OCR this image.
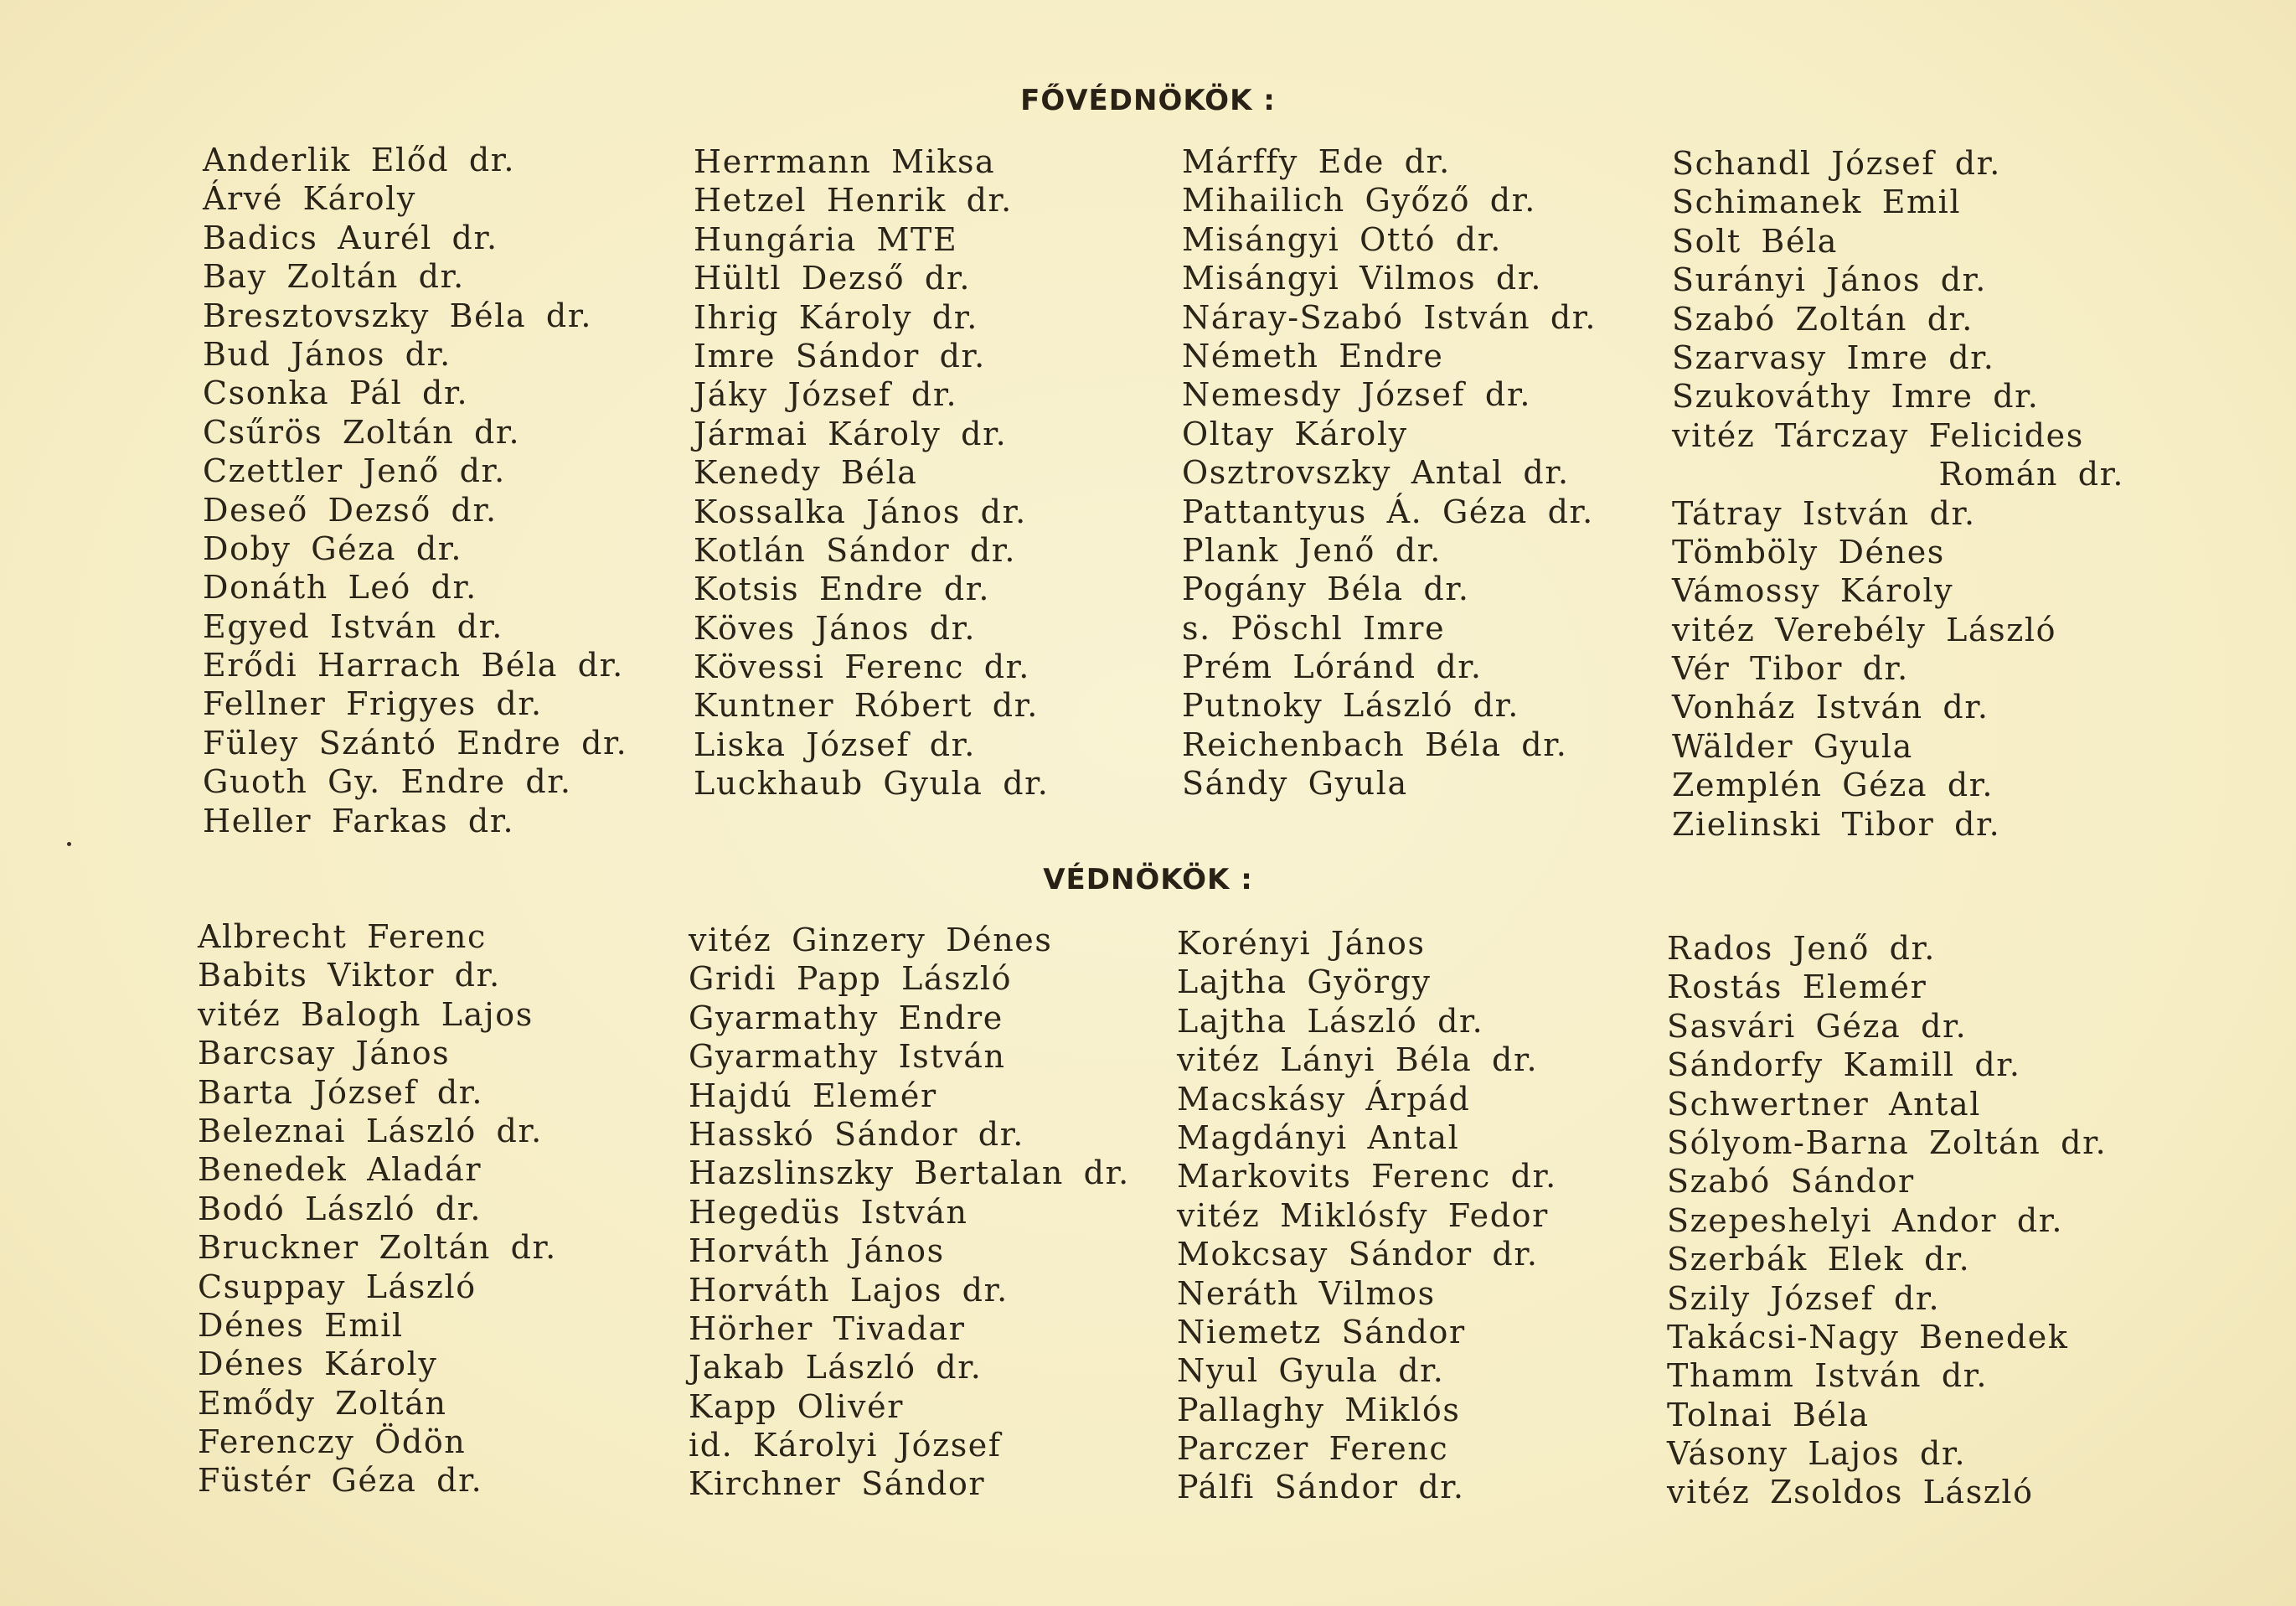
FŐVÉDNÖKÖK :
Anderlik Előd dr.
Árvé Károly
Badics Aurél dr.
Bay Zoltán dr.
Bresztovszky Béla dr.
Bud János dr.
Csonka Pál dr.
Csűrös Zoltán dr.
Czettler Jenő dr.
Deseő Dezső dr.
Doby Géza dr.
Donáth Leó dr.
Egyed István dr.
Erődi Harrach Béla dr.
Fellner Frigyes dr.
Füley Szántó Endre dr.
Guoth Gy. Endre dr.
Heller Farkas dr.
Herrmann Miksa
Hetzel Henrik dr.
Hungária MTE
Hültl Dezső dr.
Ihrig Károly dr.
Imre Sándor dr.
Jáky József dr.
Jármai Károly dr.
Kenedy Béla
Kossalka János dr.
Kotlán Sándor dr.
Kotsis Endre dr.
Köves János dr.
Kövessi Ferenc dr.
Kuntner Róbert dr.
Liska József dr.
Luckhaub Gyula dr.
Márffy Ede dr.
Mihailich Győző dr.
Misángyi Ottó dr.
Misángyi Vilmos dr.
Náray-Szabó István dr.
Németh Endre
Nemesdy József dr.
Oltay Károly
Osztrovszky Antal dr.
Pattantyus Á. Géza dr.
Plank Jenő dr.
Pogány Béla dr.
s. Pöschl Imre
Prém Lóránd dr.
Putnoky László dr.
Reichenbach Béla dr.
Sándy Gyula
Schandl József dr.
Schimanek Emil
Solt Béla
Surányi János dr.
Szabó Zoltán dr.
Szarvasy Imre dr.
Szukováthy Imre dr.
vitéz Tárczay Felicides
Román dr.
Tátray István dr.
Tömböly Dénes
Vámossy Károly
vitéz Verebély László
Vér Tibor dr.
Vonház István dr.
Wälder Gyula
Zemplén Géza dr.
Zielinski Tibor dr.
VÉDNÖKÖK :
Albrecht Ferenc
Babits Viktor dr.
vitéz Balogh Lajos
Barcsay János
Barta József dr.
Beleznai László dr.
Benedek Aladár
Bodó László dr.
Bruckner Zoltán dr.
Csuppay László
Dénes Emil
Dénes Károly
Emődy Zoltán
Ferenczy Ödön
Füstér Géza dr.
vitéz Ginzery Dénes
Gridi Papp László
Gyarmathy Endre
Gyarmathy István
Hajdú Elemér
Hasskó Sándor dr.
Hazslinszky Bertalan dr.
Hegedüs István
Horváth János
Horváth Lajos dr.
Hörher Tivadar
Jakab László dr.
Kapp Olivér
id. Károlyi József
Kirchner Sándor
Korényi János
Lajtha György
Lajtha László dr.
vitéz Lányi Béla dr.
Macskásy Árpád
Magdányi Antal
Markovits Ferenc dr.
vitéz Miklósfy Fedor
Mokcsay Sándor dr.
Neráth Vilmos
Niemetz Sándor
Nyul Gyula dr.
Pallaghy Miklós
Parczer Ferenc
Pálfi Sándor dr.
Rados Jenő dr.
Rostás Elemér
Sasvári Géza dr.
Sándorfy Kamill dr.
Schwertner Antal
Sólyom-Barna Zoltán dr.
Szabó Sándor
Szepeshelyi Andor dr.
Szerbák Elek dr.
Szily József dr.
Takácsi-Nagy Benedek
Thamm István dr.
Tolnai Béla
Vásony Lajos dr.
vitéz Zsoldos László
